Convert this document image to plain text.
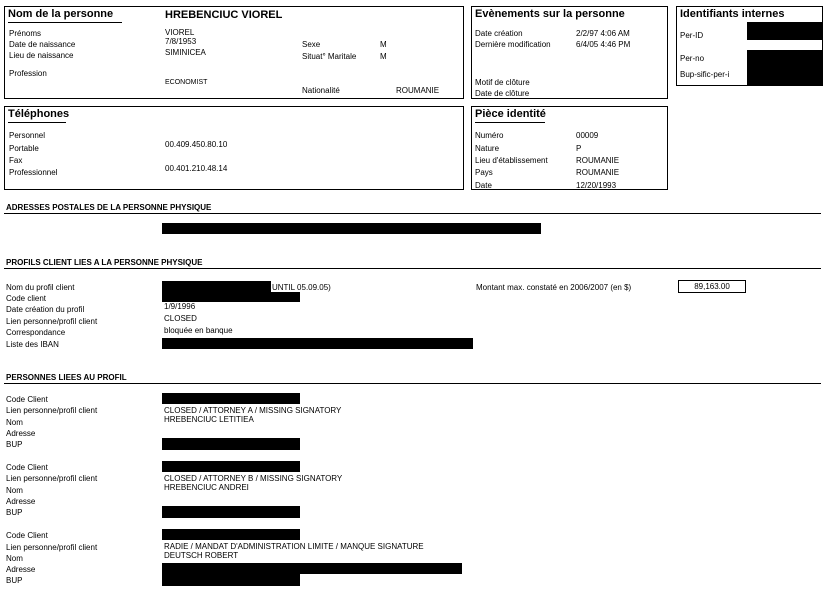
Nom de la personne	HREBENCIUC VIOREL
Prénoms
Date de naissance
Lieu de naissance
Profession
VIOREL
7/8/1953
SIMINICEA
ECONOMIST
Sexe
Situat° Maritale
Nationalité
M
M
ROUMANIE
Evènements sur la personne
Date création
Dernière modification
Motif de clôture
Date de clôture
2/2/97 4:06 AM
6/4/05 4:46 PM
Identifiants internes
Per-ID
Per-no
Bup-sific-per-i
Téléphones
Personnel
Portable
Fax
Professionnel
00.409.450.80.10
00.401.210.48.14
Pièce identité
Numéro
Nature
Lieu d'établissement
Pays
Date
00009
P
ROUMANIE
ROUMANIE
12/20/1993
ADRESSES POSTALES DE LA PERSONNE PHYSIQUE
PROFILS CLIENT LIES A LA PERSONNE PHYSIQUE
Nom du profil client
Code client
Date création du profil
Lien personne/profil client
Correspondance
Liste des IBAN
UNTIL 05.09.05)
1/9/1996
CLOSED
bloquée en banque
Montant max. constaté en 2006/2007 (en $)	89,163.00
PERSONNES LIEES AU PROFIL
Code Client
Lien personne/profil client
Nom
Adresse
BUP
CLOSED / ATTORNEY A / MISSING SIGNATORY
HREBENCIUC LETITIEA
Code Client
Lien personne/profil client
Nom
Adresse
BUP
CLOSED / ATTORNEY B / MISSING SIGNATORY
HREBENCIUC ANDREI
Code Client
Lien personne/profil client
Nom
Adresse
BUP
RADIE / MANDAT D'ADMINISTRATION LIMITE / MANQUE SIGNATURE
DEUTSCH ROBERT
